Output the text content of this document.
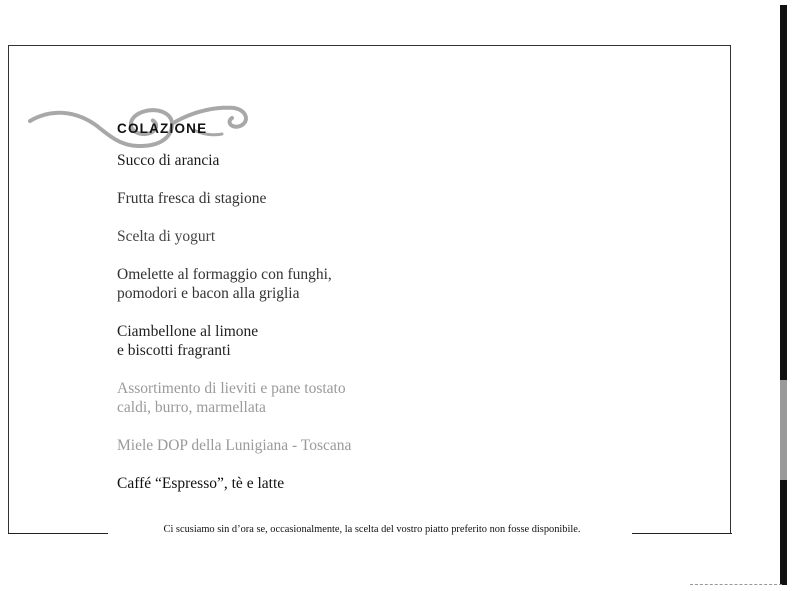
COLAZIONE
Succo di arancia
Frutta fresca di stagione
Scelta di yogurt
Omelette al formaggio con funghi,
pomodori e bacon alla griglia
Ciambellone al limone
e biscotti fragranti
Assortimento di lieviti e pane tostato
caldi, burro, marmellata
Miele DOP della Lunigiana - Toscana
Caffé “Espresso”, tè e latte
Ci scusiamo sin d’ora se, occasionalmente, la scelta del vostro piatto preferito non fosse disponibile.
